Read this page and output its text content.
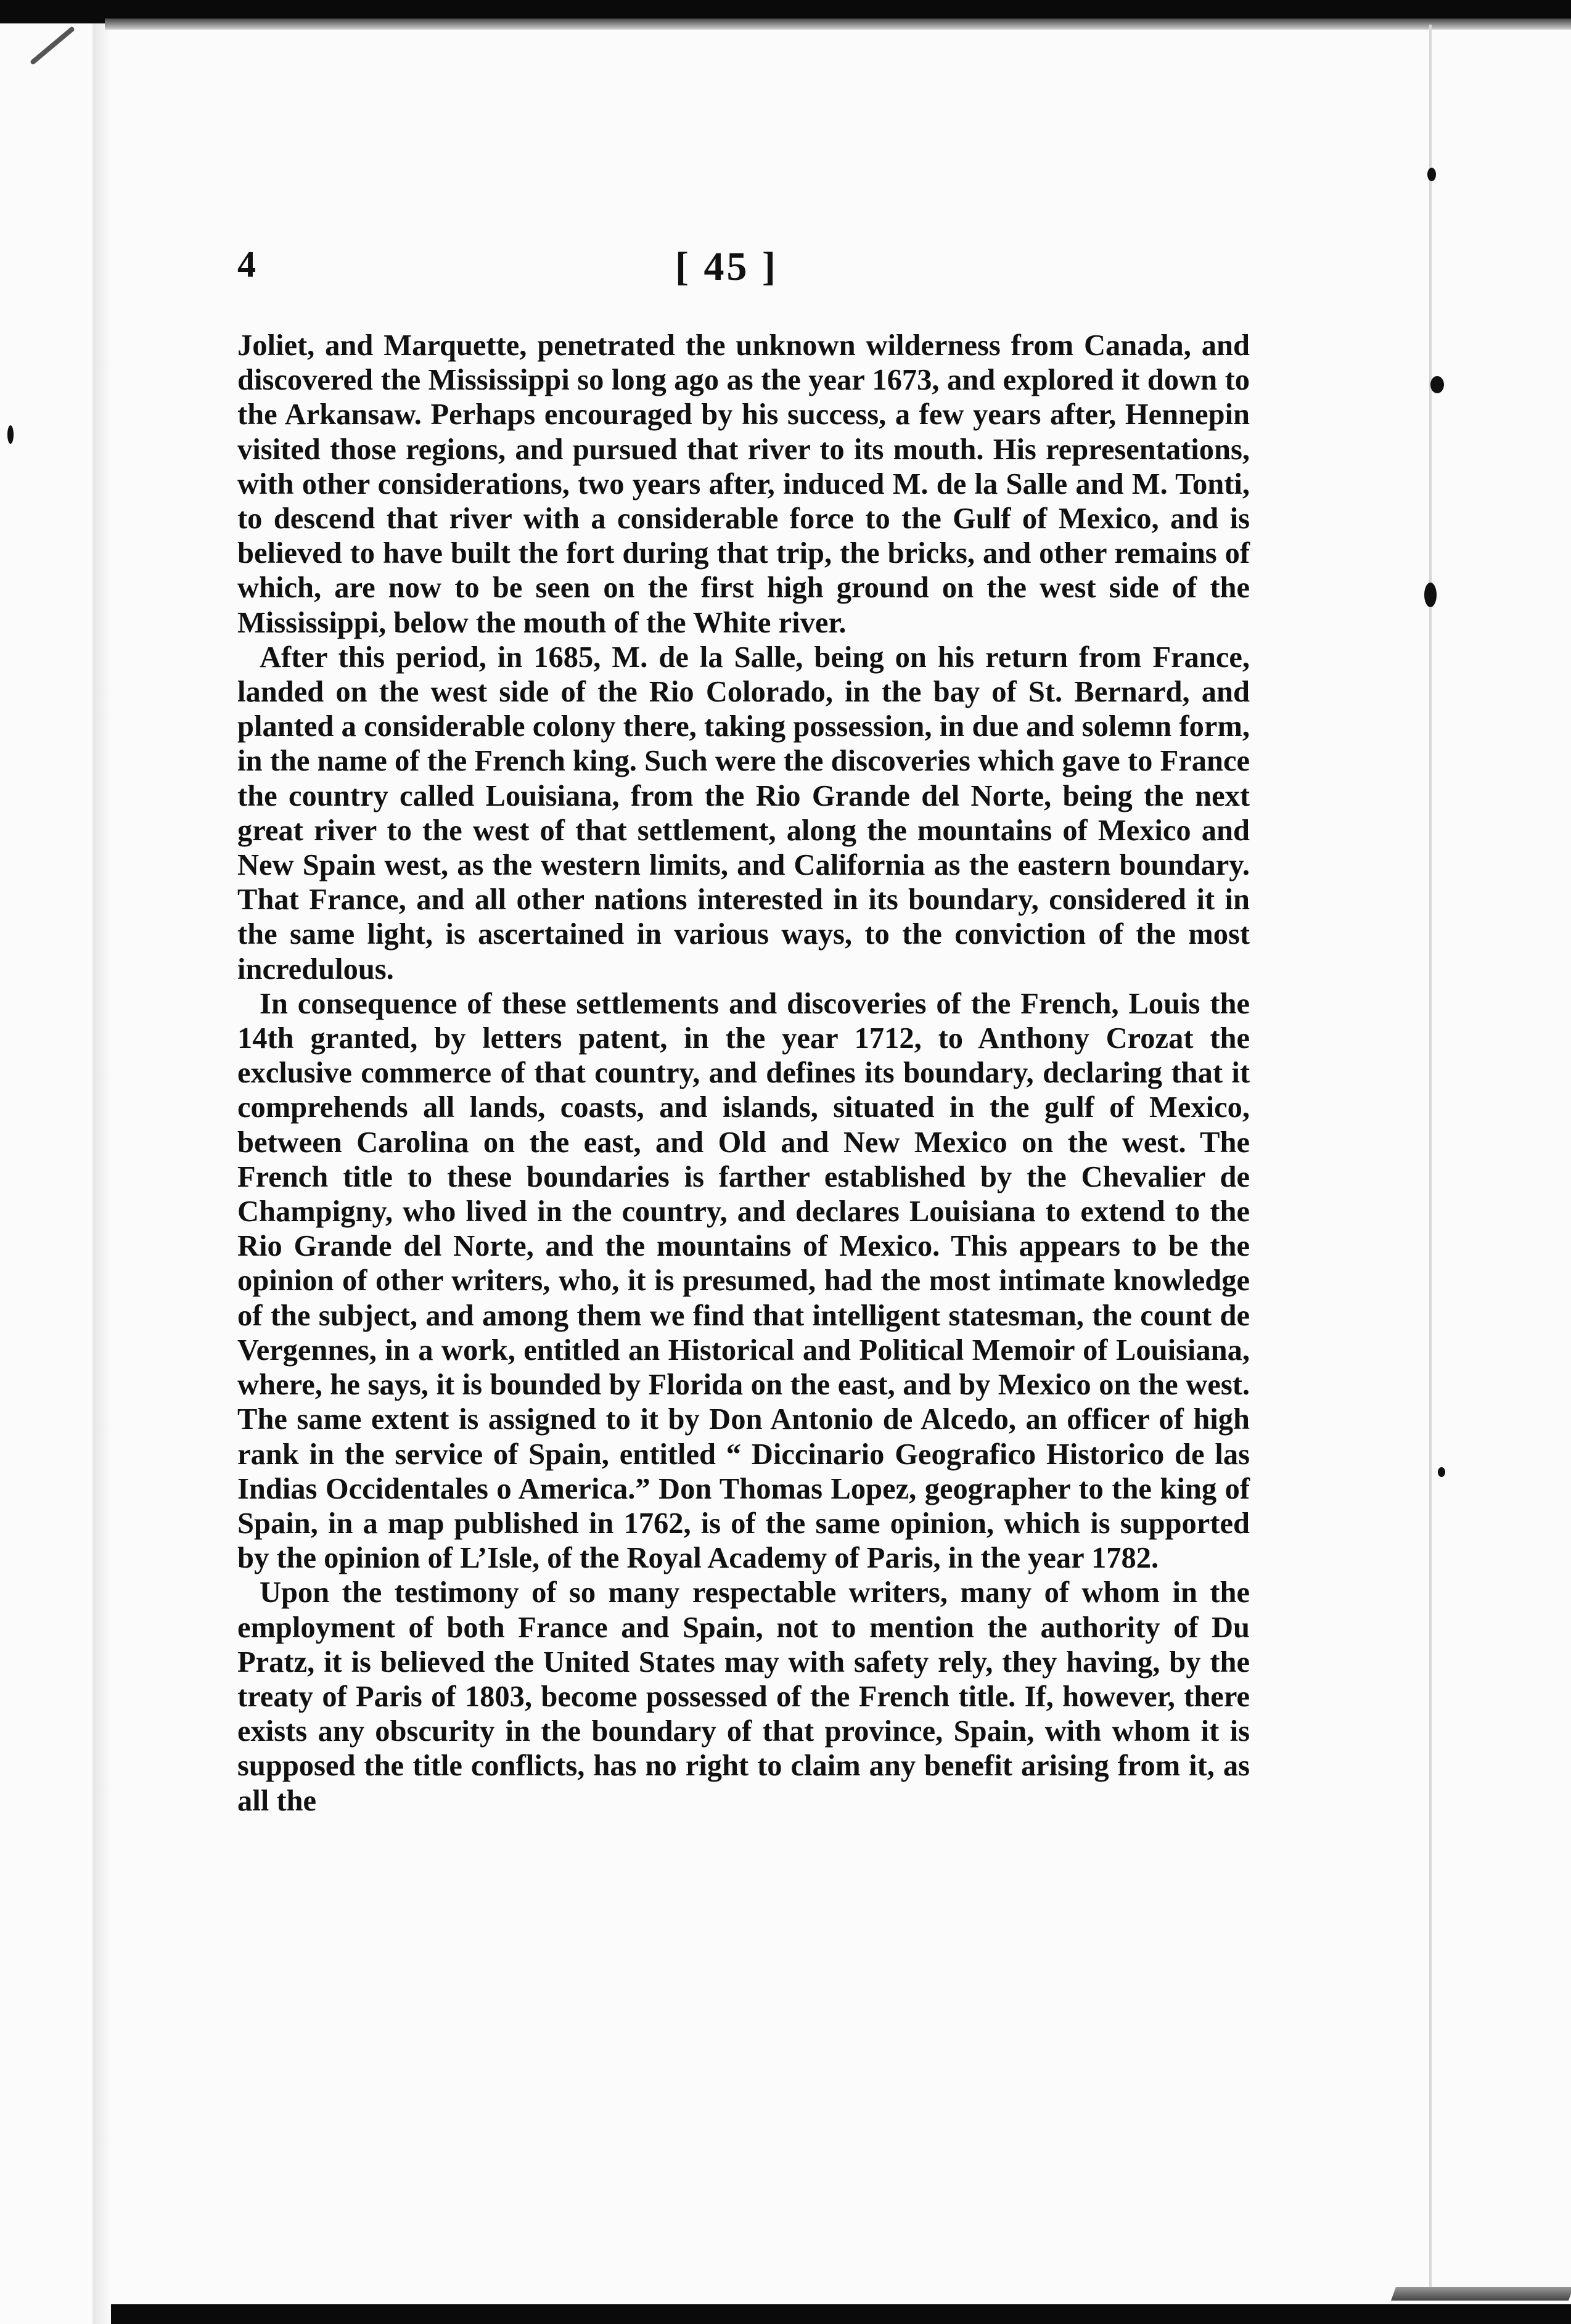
4	[ 45 ]

Joliet, and Marquette, penetrated the unknown wilderness from Canada, and discovered the Mississippi so long ago as the year 1673, and explored it down to the Arkansaw. Perhaps encouraged by his success, a few years after, Hennepin visited those regions, and pursued that river to its mouth. His representations, with other considerations, two years after, induced M. de la Salle and M. Tonti, to descend that river with a considerable force to the Gulf of Mexico, and is believed to have built the fort during that trip, the bricks, and other remains of which, are now to be seen on the first high ground on the west side of the Mississippi, below the mouth of the White river.

After this period, in 1685, M. de la Salle, being on his return from France, landed on the west side of the Rio Colorado, in the bay of St. Bernard, and planted a considerable colony there, taking possession, in due and solemn form, in the name of the French king. Such were the discoveries which gave to France the country called Louisiana, from the Rio Grande del Norte, being the next great river to the west of that settlement, along the mountains of Mexico and New Spain west, as the western limits, and California as the eastern boundary. That France, and all other nations interested in its boundary, considered it in the same light, is ascertained in various ways, to the conviction of the most incredulous.

In consequence of these settlements and discoveries of the French, Louis the 14th granted, by letters patent, in the year 1712, to Anthony Crozat the exclusive commerce of that country, and defines its boundary, declaring that it comprehends all lands, coasts, and islands, situated in the gulf of Mexico, between Carolina on the east, and Old and New Mexico on the west. The French title to these boundaries is farther established by the Chevalier de Champigny, who lived in the country, and declares Louisiana to extend to the Rio Grande del Norte, and the mountains of Mexico. This appears to be the opinion of other writers, who, it is presumed, had the most intimate knowledge of the subject, and among them we find that intelligent statesman, the count de Vergennes, in a work, entitled an Historical and Political Memoir of Louisiana, where, he says, it is bounded by Florida on the east, and by Mexico on the west. The same extent is assigned to it by Don Antonio de Alcedo, an officer of high rank in the service of Spain, entitled “ Diccinario Geografico Historico de las Indias Occidentales o America.” Don Thomas Lopez, geographer to the king of Spain, in a map published in 1762, is of the same opinion, which is supported by the opinion of L’Isle, of the Royal Academy of Paris, in the year 1782.

Upon the testimony of so many respectable writers, many of whom in the employment of both France and Spain, not to mention the authority of Du Pratz, it is believed the United States may with safety rely, they having, by the treaty of Paris of 1803, become possessed of the French title. If, however, there exists any obscurity in the boundary of that province, Spain, with whom it is supposed the title conflicts, has no right to claim any benefit arising from it, as all the
